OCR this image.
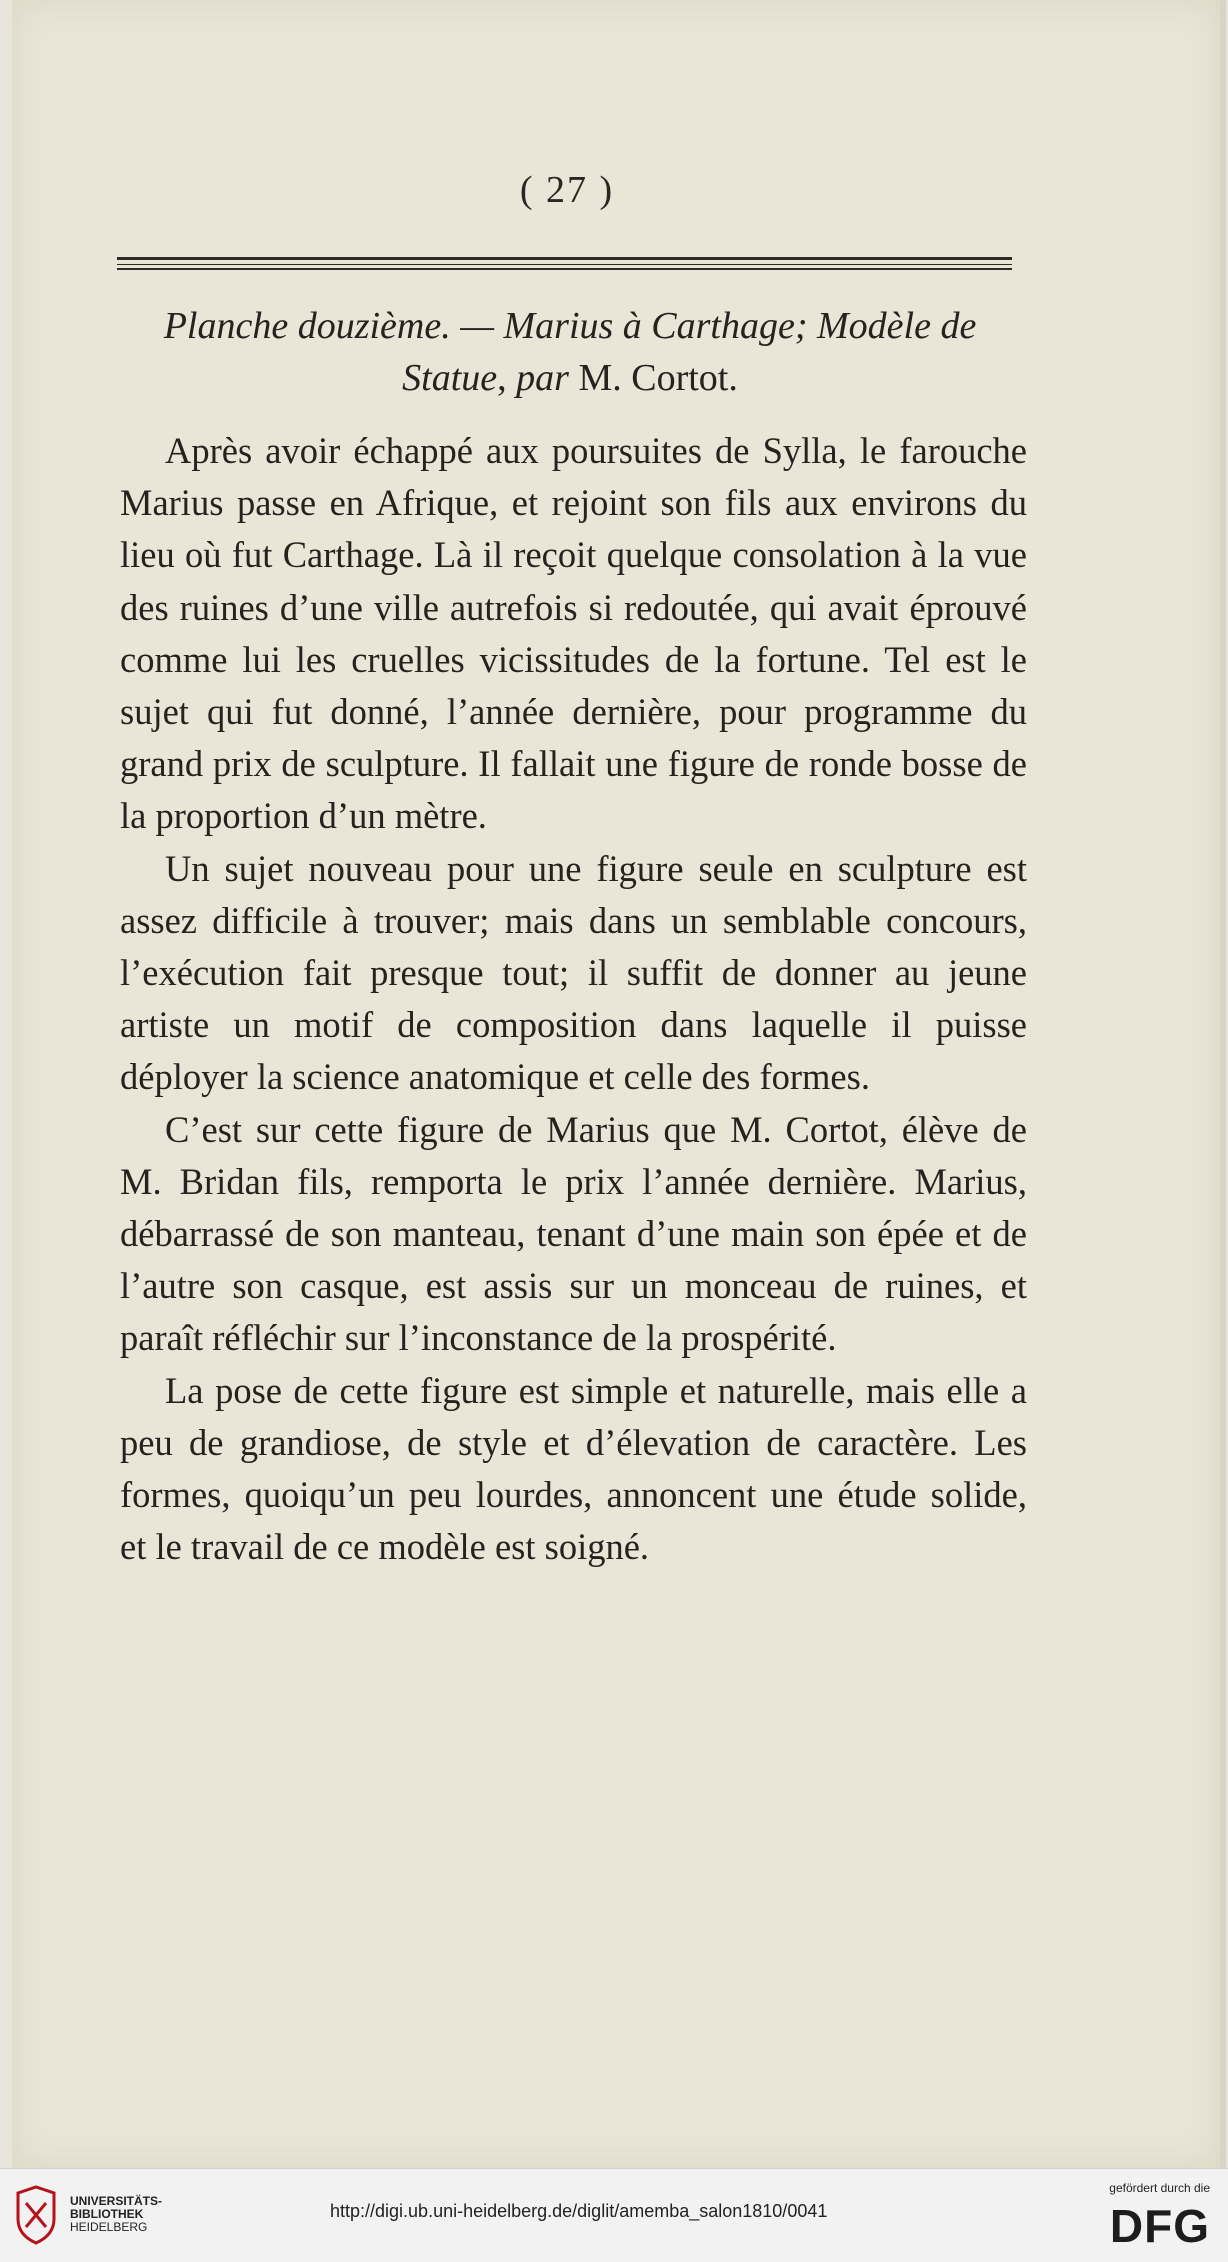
( 27 )
Planche douzième. — Marius à Carthage; Modèle de
Statue, par M. Cortot.

Après avoir échappé aux poursuites de Sylla, le farouche Marius passe en Afrique, et rejoint son fils aux environs du lieu où fut Carthage. Là il reçoit quelque consolation à la vue des ruines d’une ville autrefois si redoutée, qui avait éprouvé comme lui les cruelles vicissitudes de la fortune. Tel est le sujet qui fut donné, l’année dernière, pour programme du grand prix de sculpture. Il fallait une figure de ronde bosse de la proportion d’un mètre.

Un sujet nouveau pour une figure seule en sculpture est assez difficile à trouver; mais dans un semblable concours, l’exécution fait presque tout; il suffit de donner au jeune artiste un motif de composition dans laquelle il puisse déployer la science anatomique et celle des formes.

C’est sur cette figure de Marius que M. Cortot, élève de M. Bridan fils, remporta le prix l’année dernière. Marius, débarrassé de son manteau, tenant d’une main son épée et de l’autre son casque, est assis sur un monceau de ruines, et paraît réfléchir sur l’inconstance de la prospérité.

La pose de cette figure est simple et naturelle, mais elle a peu de grandiose, de style et d’élevation de caractère. Les formes, quoiqu’un peu lourdes, annoncent une étude solide, et le travail de ce modèle est soigné.

UNIVERSITÄTS-
BIBLIOTHEK
HEIDELBERG
http://digi.ub.uni-heidelberg.de/diglit/amemba_salon1810/0041
gefördert durch die
DFG
